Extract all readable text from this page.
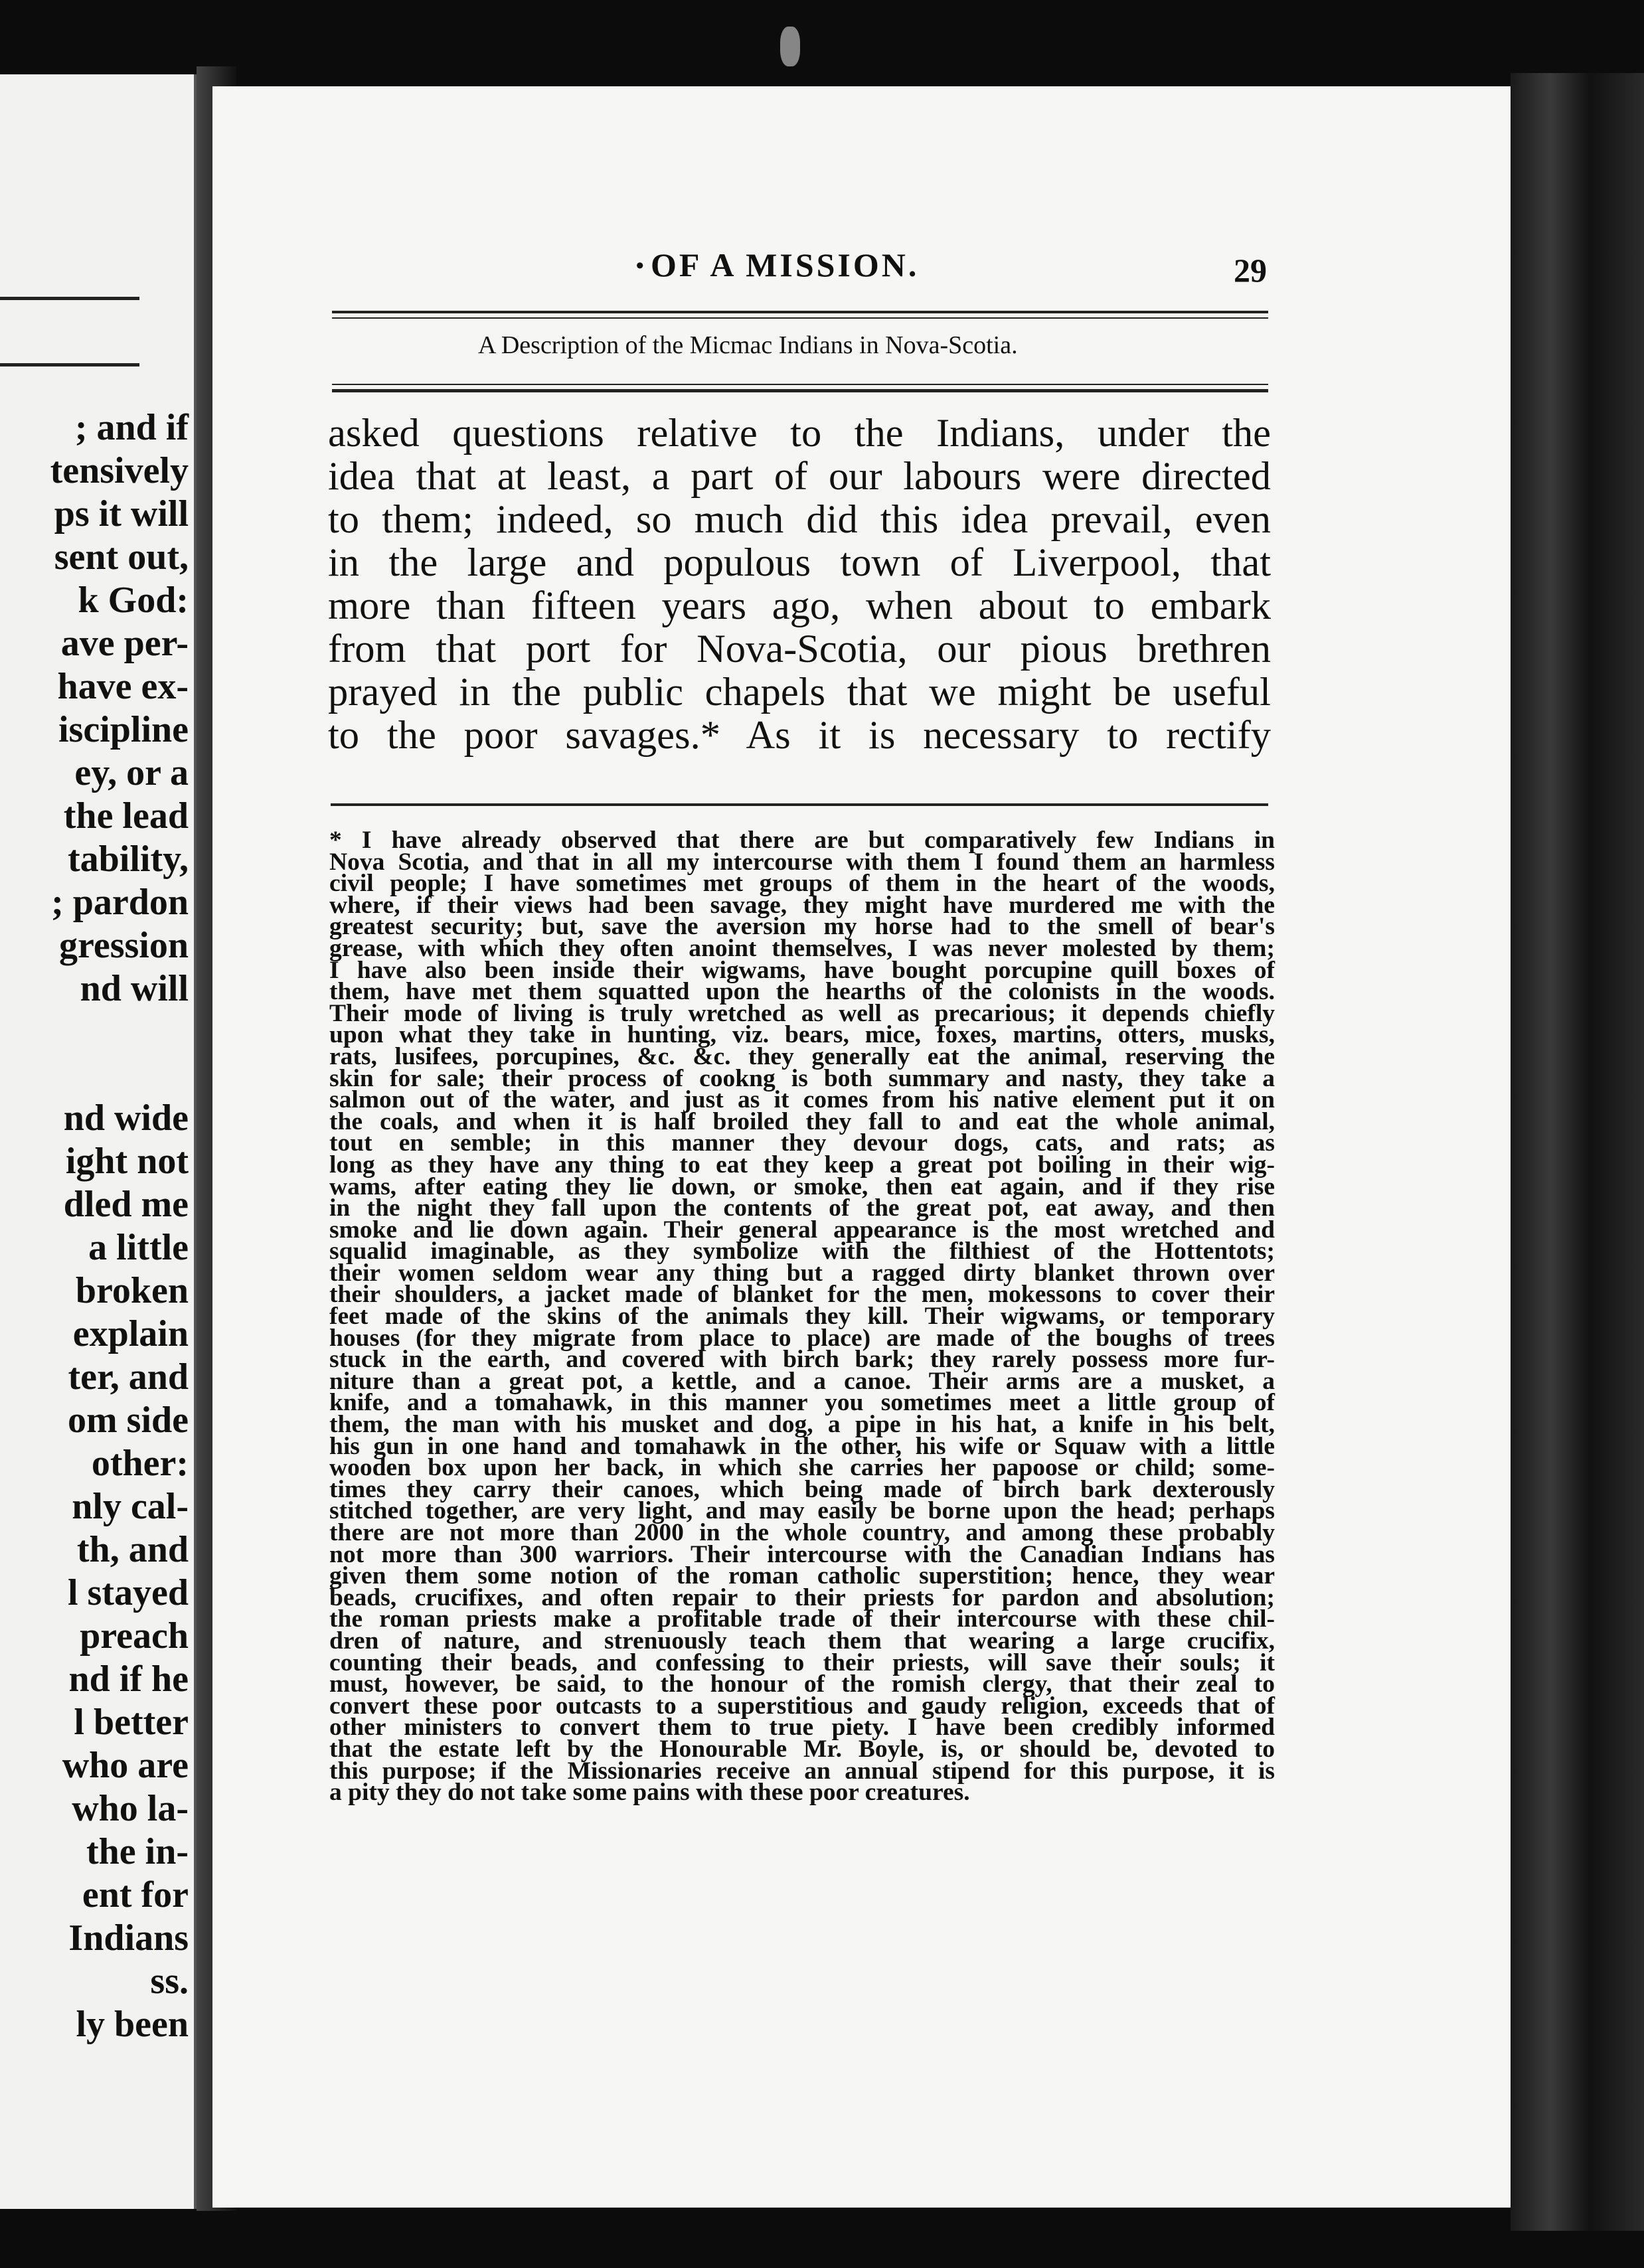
; and if
tensively
ps it will
sent out,
k God:
ave per-
have ex-
iscipline
ey, or a
the lead
tability,
; pardon
gression
nd will
nd wide
ight not
dled me
a little
broken
explain
ter, and
om side
other:
nly cal-
th, and
l stayed
preach
nd if he
l better
who are
who la-
the in-
ent for
Indians
ss.
ly been
· OF A MISSION.	29
A Description of the Micmac Indians in Nova-Scotia.
asked questions relative to the Indians, under the
idea that at least, a part of our labours were directed
to them; indeed, so much did this idea prevail, even
in the large and populous town of Liverpool, that
more than fifteen years ago, when about to embark
from that port for Nova-Scotia, our pious brethren
prayed in the public chapels that we might be useful
to the poor savages.* As it is necessary to rectify
* I have already observed that there are but comparatively few Indians in
Nova Scotia, and that in all my intercourse with them I found them an harmless
civil people; I have sometimes met groups of them in the heart of the woods,
where, if their views had been savage, they might have murdered me with the
greatest security; but, save the aversion my horse had to the smell of bear's
grease, with which they often anoint themselves, I was never molested by them;
I have also been inside their wigwams, have bought porcupine quill boxes of
them, have met them squatted upon the hearths of the colonists in the woods.
Their mode of living is truly wretched as well as precarious; it depends chiefly
upon what they take in hunting, viz. bears, mice, foxes, martins, otters, musks,
rats, lusifees, porcupines, &c. &c. they generally eat the animal, reserving the
skin for sale; their process of cookng is both summary and nasty, they take a
salmon out of the water, and just as it comes from his native element put it on
the coals, and when it is half broiled they fall to and eat the whole animal,
tout en semble; in this manner they devour dogs, cats, and rats; as
long as they have any thing to eat they keep a great pot boiling in their wig-
wams, after eating they lie down, or smoke, then eat again, and if they rise
in the night they fall upon the contents of the great pot, eat away, and then
smoke and lie down again. Their general appearance is the most wretched and
squalid imaginable, as they symbolize with the filthiest of the Hottentots;
their women seldom wear any thing but a ragged dirty blanket thrown over
their shoulders, a jacket made of blanket for the men, mokessons to cover their
feet made of the skins of the animals they kill. Their wigwams, or temporary
houses (for they migrate from place to place) are made of the boughs of trees
stuck in the earth, and covered with birch bark; they rarely possess more fur-
niture than a great pot, a kettle, and a canoe. Their arms are a musket, a
knife, and a tomahawk, in this manner you sometimes meet a little group of
them, the man with his musket and dog, a pipe in his hat, a knife in his belt,
his gun in one hand and tomahawk in the other, his wife or Squaw with a little
wooden box upon her back, in which she carries her papoose or child; some-
times they carry their canoes, which being made of birch bark dexterously
stitched together, are very light, and may easily be borne upon the head; perhaps
there are not more than 2000 in the whole country, and among these probably
not more than 300 warriors. Their intercourse with the Canadian Indians has
given them some notion of the roman catholic superstition; hence, they wear
beads, crucifixes, and often repair to their priests for pardon and absolution;
the roman priests make a profitable trade of their intercourse with these chil-
dren of nature, and strenuously teach them that wearing a large crucifix,
counting their beads, and confessing to their priests, will save their souls; it
must, however, be said, to the honour of the romish clergy, that their zeal to
convert these poor outcasts to a superstitious and gaudy religion, exceeds that of
other ministers to convert them to true piety. I have been credibly informed
that the estate left by the Honourable Mr. Boyle, is, or should be, devoted to
this purpose; if the Missionaries receive an annual stipend for this purpose, it is
a pity they do not take some pains with these poor creatures.
